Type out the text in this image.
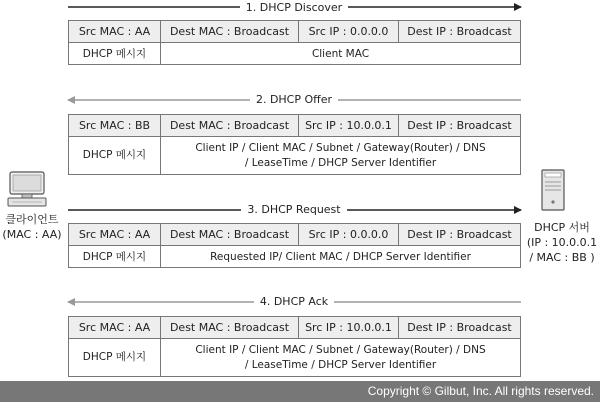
1. DHCP Discover
2. DHCP Offer
3. DHCP Request
4. DHCP Ack
Src MAC : AA	Dest MAC : Broadcast	Src IP : 0.0.0.0	Dest IP : Broadcast
DHCP 메시지	Client MAC		
Src MAC : BB	Dest MAC : Broadcast	Src IP : 10.0.0.1	Dest IP : Broadcast
DHCP 메시지	Client IP / Client MAC / Subnet / Gateway(Router) / DNS
/ LeaseTime / DHCP Server Identifier		
Src MAC : AA	Dest MAC : Broadcast	Src IP : 0.0.0.0	Dest IP : Broadcast
DHCP 메시지	Requested IP/ Client MAC / DHCP Server Identifier		
Src MAC : AA	Dest MAC : Broadcast	Src IP : 10.0.0.1	Dest IP : Broadcast
DHCP 메시지	Client IP / Client MAC / Subnet / Gateway(Router) / DNS
/ LeaseTime / DHCP Server Identifier		
클라이언트
(MAC : AA)
DHCP 서버
(IP : 10.0.0.1
/ MAC : BB )
Copyright © Gilbut, Inc. All rights reserved.
